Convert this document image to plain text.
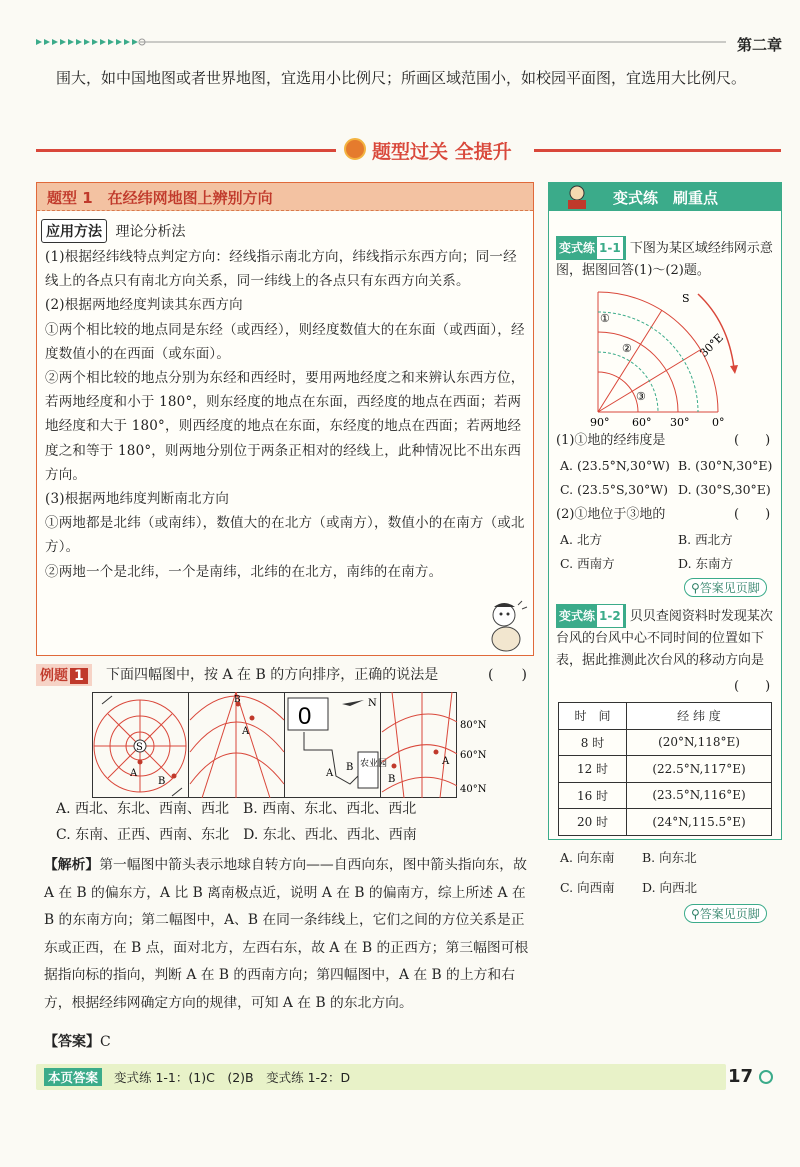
第二章
围大，如中国地图或者世界地图，宜选用小比例尺；所画区域范围小，如校园平面图，宜选用大比例尺。
题型过关 全提升
题型 1　在经纬网地图上辨别方向
应用方法 理论分析法

(1)根据经纬线特点判定方向：经线指示南北方向，纬线指示东西方向；同一经线上的各点只有南北方向关系，同一纬线上的各点只有东西方向关系。

(2)根据两地经度判读其东西方向

①两个相比较的地点同是东经（或西经），则经度数值大的在东面（或西面），经度数值小的在西面（或东面）。

②两个相比较的地点分别为东经和西经时，要用两地经度之和来辨认东西方位，若两地经度和小于 180°，则东经度的地点在东面，西经度的地点在西面；若两地经度和大于 180°，则西经度的地点在东面，东经度的地点在西面；若两地经度之和等于 180°，则两地分别位于两条正相对的经线上，此种情况比不出东西方向。

(3)根据两地纬度判断南北方向

①两地都是北纬（或南纬），数值大的在北方（或南方），数值小的在南方（或北方）。

②两地一个是北纬，一个是南纬，北纬的在北方，南纬的在南方。

例题 1	下面四幅图中，按 A 在 B 的方向排序，正确的说法是	(　　)
S
A
B
B
A
0	N
A
B 农业园
B
A
80°N
60°N
40°N
A. 西北、东北、西南、西北　B. 西南、东北、西北、西北
C. 东南、正西、西南、东北　D. 东北、西北、西北、西南
【解析】第一幅图中箭头表示地球自转方向——自西向东，图中箭头指向东，故 A 在 B 的偏东方，A 比 B 离南极点近，说明 A 在 B 的偏南方，综上所述 A 在 B 的东南方向；第二幅图中，A、B 在同一条纬线上，它们之间的方位关系是正东或正西，在 B 点，面对北方，左西右东，故 A 在 B 的正西方；第三幅图可根据指向标的指向，判断 A 在 B 的西南方向；第四幅图中，A 在 B 的上方和右方，根据经纬网确定方向的规律，可知 A 在 B 的东北方向。
【答案】C
变式练　刷重点
变式练 1-1 下图为某区域经纬网示意图，据图回答(1)～(2)题。
①
②
③
S
30°E
90° 60° 30° 0°
(1)①地的经纬度是	(　　)
A. (23.5°N,30°W) B. (30°N,30°E)
C. (23.5°S,30°W) D. (30°S,30°E)
(2)①地位于③地的	(　　)
A. 北方	B. 西北方
C. 西南方	D. 东南方
⚲答案见页脚
变式练 1-2 贝贝查阅资料时发现某次台风的台风中心不同时间的位置如下表，据此推测此次台风的移动方向是
(　　)
时　间	经 纬 度
8 时	(20°N,118°E)
12 时	(22.5°N,117°E)
16 时	(23.5°N,116°E)
20 时	(24°N,115.5°E)
A. 向东南 B. 向东北
C. 向西南 D. 向西北
⚲答案见页脚
本页答案 变式练 1-1：(1)C　(2)B　变式练 1-2：D	17
